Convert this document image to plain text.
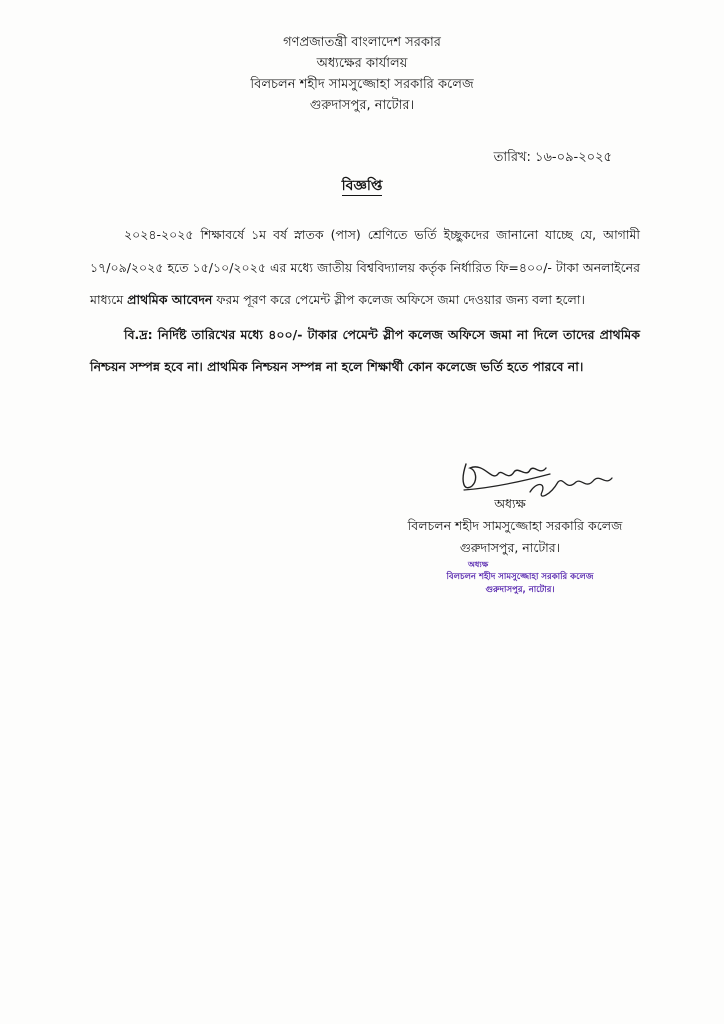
গণপ্রজাতন্ত্রী বাংলাদেশ সরকার
অধ্যক্ষের কার্যালয়
বিলচলন শহীদ সামসুজ্জোহা সরকারি কলেজ
গুরুদাসপুর, নাটোর।
তারিখ: ১৬-০৯-২০২৫
বিজ্ঞপ্তি

২০২৪-২০২৫ শিক্ষাবর্ষে ১ম বর্ষ স্নাতক (পাস) শ্রেণিতে ভর্তি ইচ্ছুকদের জানানো যাচ্ছে যে, আগামী ১৭/০৯/২০২৫ হতে ১৫/১০/২০২৫ এর মধ্যে জাতীয় বিশ্ববিদ্যালয় কর্তৃক নির্ধারিত ফি=৪০০/- টাকা অনলাইনের মাধ্যমে প্রাথমিক আবেদন ফরম পূরণ করে পেমেন্ট স্লীপ কলেজ অফিসে জমা দেওয়ার জন্য বলা হলো।

বি.দ্র: নির্দিষ্ট তারিখের মধ্যে ৪০০/- টাকার পেমেন্ট স্লীপ কলেজ অফিসে জমা না দিলে তাদের প্রাথমিক নিশ্চয়ন সম্পন্ন হবে না। প্রাথমিক নিশ্চয়ন সম্পন্ন না হলে শিক্ষার্থী কোন কলেজে ভর্তি হতে পারবে না।

অধ্যক্ষ
বিলচলন শহীদ সামসুজ্জোহা সরকারি কলেজ
গুরুদাসপুর, নাটোর।
অধ্যক্ষ
বিলচলন শহীদ সামসুজ্জোহা সরকারি কলেজ
গুরুদাসপুর, নাটোর।
